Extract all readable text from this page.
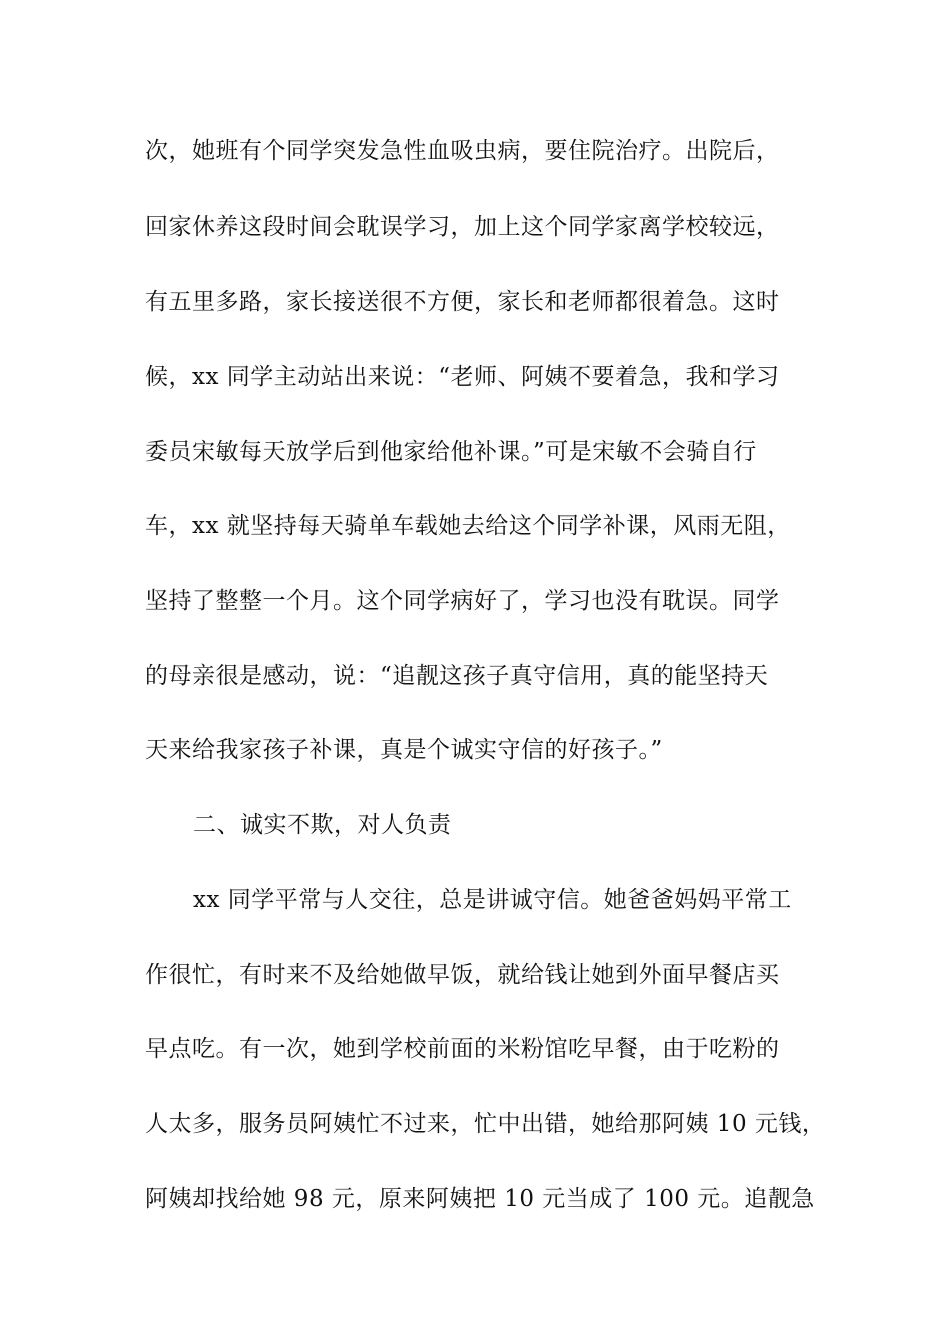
次，她班有个同学突发急性血吸虫病，要住院治疗。出院后，
回家休养这段时间会耽误学习，加上这个同学家离学校较远，
有五里多路，家长接送很不方便，家长和老师都很着急。这时
候，xx 同学主动站出来说：“老师、阿姨不要着急，我和学习
委员宋敏每天放学后到他家给他补课。”可是宋敏不会骑自行
车，xx 就坚持每天骑单车载她去给这个同学补课，风雨无阻，
坚持了整整一个月。这个同学病好了，学习也没有耽误。同学
的母亲很是感动，说：“追靓这孩子真守信用，真的能坚持天
天来给我家孩子补课，真是个诚实守信的好孩子。”
二、诚实不欺，对人负责
xx 同学平常与人交往，总是讲诚守信。她爸爸妈妈平常工
作很忙，有时来不及给她做早饭，就给钱让她到外面早餐店买
早点吃。有一次，她到学校前面的米粉馆吃早餐，由于吃粉的
人太多，服务员阿姨忙不过来，忙中出错，她给那阿姨 10 元钱，
阿姨却找给她 98 元，原来阿姨把 10 元当成了 100 元。追靓急
